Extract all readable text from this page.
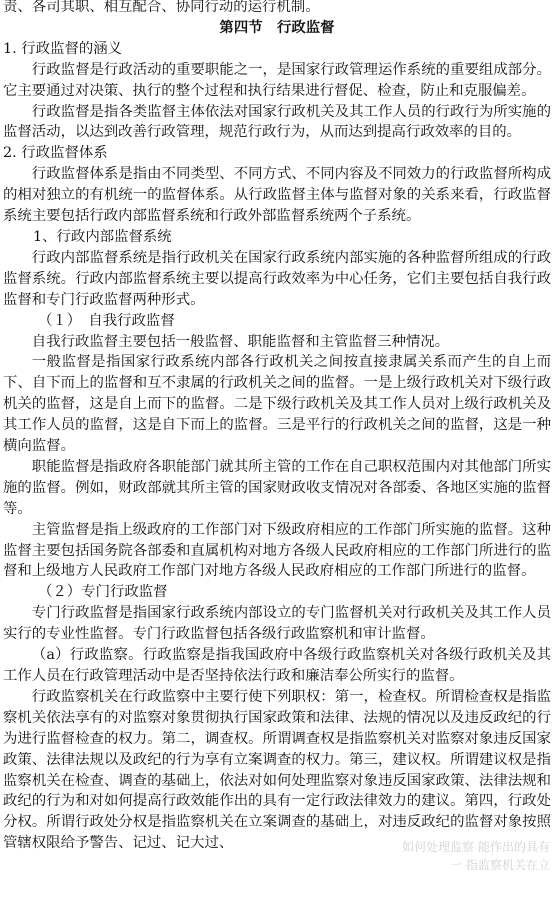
责、各司其职、相互配合、协同行动的运行机制。

第四节　行政监督

1. 行政监督的涵义

行政监督是行政活动的重要职能之一，是国家行政管理运作系统的重要组成部分。它主要通过对决策、执行的整个过程和执行结果进行督促、检查，防止和克服偏差。

行政监督是指各类监督主体依法对国家行政机关及其工作人员的行政行为所实施的监督活动，以达到改善行政管理，规范行政行为，从而达到提高行政效率的目的。

2. 行政监督体系

行政监督体系是指由不同类型、不同方式、不同内容及不同效力的行政监督所构成的相对独立的有机统一的监督体系。从行政监督主体与监督对象的关系来看，行政监督系统主要包括行政内部监督系统和行政外部监督系统两个子系统。

1、行政内部监督系统

行政内部监督系统是指行政机关在国家行政系统内部实施的各种监督所组成的行政监督系统。行政内部监督系统主要以提高行政效率为中心任务，它们主要包括自我行政监督和专门行政监督两种形式。

（１）　自我行政监督

自我行政监督主要包括一般监督、职能监督和主管监督三种情况。

一般监督是指国家行政系统内部各行政机关之间按直接隶属关系而产生的自上而下、自下而上的监督和互不隶属的行政机关之间的监督。一是上级行政机关对下级行政机关的监督，这是自上而下的监督。二是下级行政机关及其工作人员对上级行政机关及其工作人员的监督，这是自下而上的监督。三是平行的行政机关之间的监督，这是一种横向监督。

职能监督是指政府各职能部门就其所主管的工作在自己职权范围内对其他部门所实施的监督。例如，财政部就其所主管的国家财政收支情况对各部委、各地区实施的监督等。

主管监督是指上级政府的工作部门对下级政府相应的工作部门所实施的监督。这种监督主要包括国务院各部委和直属机构对地方各级人民政府相应的工作部门所进行的监督和上级地方人民政府工作部门对地方各级人民政府相应的工作部门所进行的监督。

（２）专门行政监督

专门行政监督是指国家行政系统内部设立的专门监督机关对行政机关及其工作人员实行的专业性监督。专门行政监督包括各级行政监察机和审计监督。

（a）行政监察。行政监察是指我国政府中各级行政监察机关对各级行政机关及其工作人员在行政管理活动中是否坚持依法行政和廉洁奉公所实行的监督。

行政监察机关在行政监察中主要行使下列职权：第一，检查权。所谓检查权是指监察机关依法享有的对监察对象贯彻执行国家政策和法律、法规的情况以及违反政纪的行为进行监督检查的权力。第二，调查权。所谓调查权是指监察机关对监察对象违反国家政策、法律法规以及政纪的行为享有立案调查的权力。第三，建议权。所谓建议权是指监察机关在检查、调查的基础上，依法对如何处理监察对象违反国家政策、法律法规和政纪的行为和对如何提高行政效能作出的具有一定行政法律效力的建议。第四，行政处分权。所谓行政处分权是指监察机关在立案调查的基础上，对违反政纪的监督对象按照管辖权限给予警告、记过、记大过、	如何处理监察 能作出的具有一 指监察机关在立
